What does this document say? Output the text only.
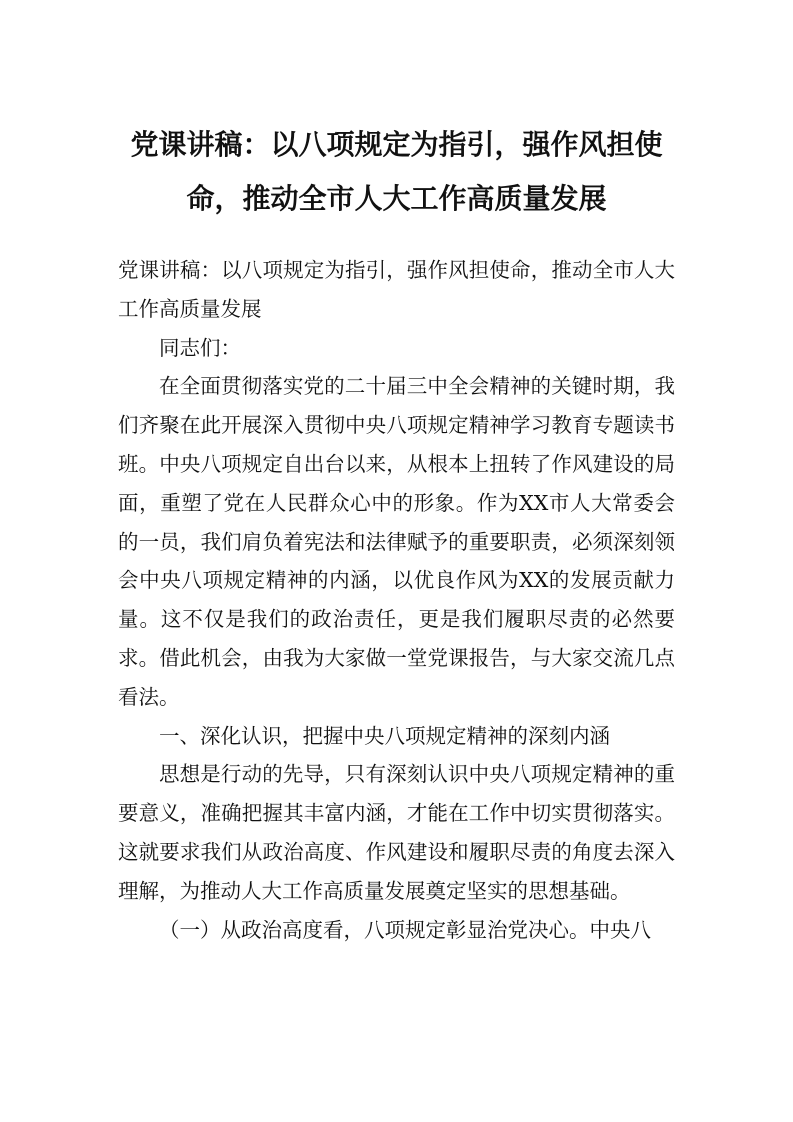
党课讲稿：以八项规定为指引，强作风担使
命，推动全市人大工作高质量发展

党课讲稿：以八项规定为指引，强作风担使命，推动全市人大工作高质量发展

同志们：

在全面贯彻落实党的二十届三中全会精神的关键时期，我们齐聚在此开展深入贯彻中央八项规定精神学习教育专题读书班。中央八项规定自出台以来，从根本上扭转了作风建设的局面，重塑了党在人民群众心中的形象。作为XX市人大常委会的一员，我们肩负着宪法和法律赋予的重要职责，必须深刻领会中央八项规定精神的内涵，以优良作风为XX的发展贡献力量。这不仅是我们的政治责任，更是我们履职尽责的必然要求。借此机会，由我为大家做一堂党课报告，与大家交流几点看法。

一、深化认识，把握中央八项规定精神的深刻内涵

思想是行动的先导，只有深刻认识中央八项规定精神的重要意义，准确把握其丰富内涵，才能在工作中切实贯彻落实。这就要求我们从政治高度、作风建设和履职尽责的角度去深入理解，为推动人大工作高质量发展奠定坚实的思想基础。

（一）从政治高度看，八项规定彰显治党决心。中央八
